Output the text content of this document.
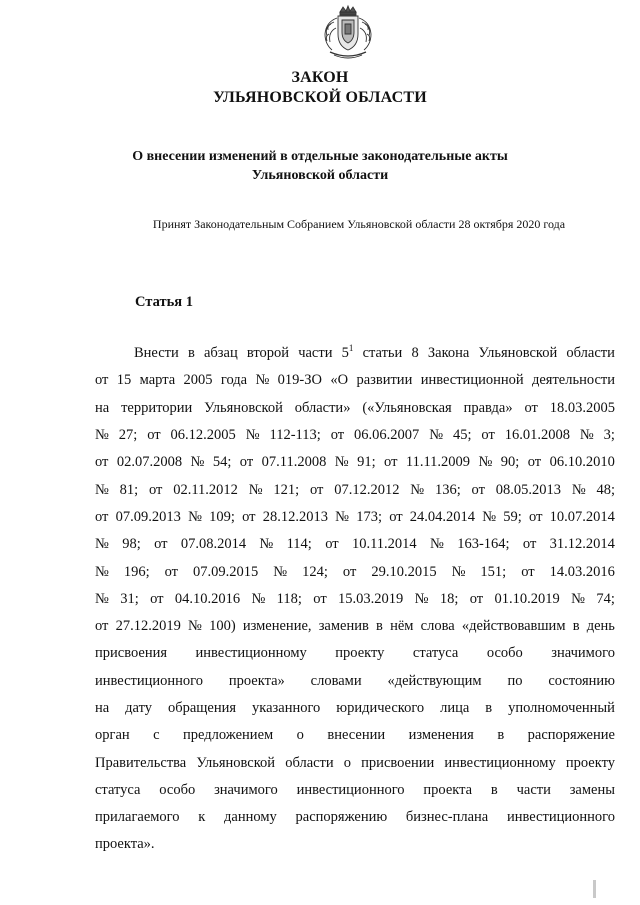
ЗАКОН
УЛЬЯНОВСКОЙ ОБЛАСТИ
О внесении изменений в отдельные законодательные акты
Ульяновской области
Принят Законодательным Собранием Ульяновской области 28 октября 2020 года
Статья 1
Внести в абзац второй части $5^1$ статьи 8 Закона Ульяновской области
от 15 марта 2005 года № 019-ЗО «О развитии инвестиционной деятельности
на территории Ульяновской области» («Ульяновская правда» от 18.03.2005
№ 27; от 06.12.2005 № 112-113; от 06.06.2007 № 45; от 16.01.2008 № 3;
от 02.07.2008 № 54; от 07.11.2008 № 91; от 11.11.2009 № 90; от 06.10.2010
№ 81; от 02.11.2012 № 121; от 07.12.2012 № 136; от 08.05.2013 № 48;
от 07.09.2013 № 109; от 28.12.2013 № 173; от 24.04.2014 № 59; от 10.07.2014
№ 98; от 07.08.2014 № 114; от 10.11.2014 № 163-164; от 31.12.2014
№ 196; от 07.09.2015 № 124; от 29.10.2015 № 151; от 14.03.2016
№ 31; от 04.10.2016 № 118; от 15.03.2019 № 18; от 01.10.2019 № 74;
от 27.12.2019 № 100) изменение, заменив в нём слова «действовавшим в день
присвоения инвестиционному проекту статуса особо значимого
инвестиционного проекта» словами «действующим по состоянию
на дату обращения указанного юридического лица в уполномоченный
орган с предложением о внесении изменения в распоряжение
Правительства Ульяновской области о присвоении инвестиционному проекту
статуса особо значимого инвестиционного проекта в части замены
прилагаемого к данному распоряжению бизнес-плана инвестиционного
проекта».
